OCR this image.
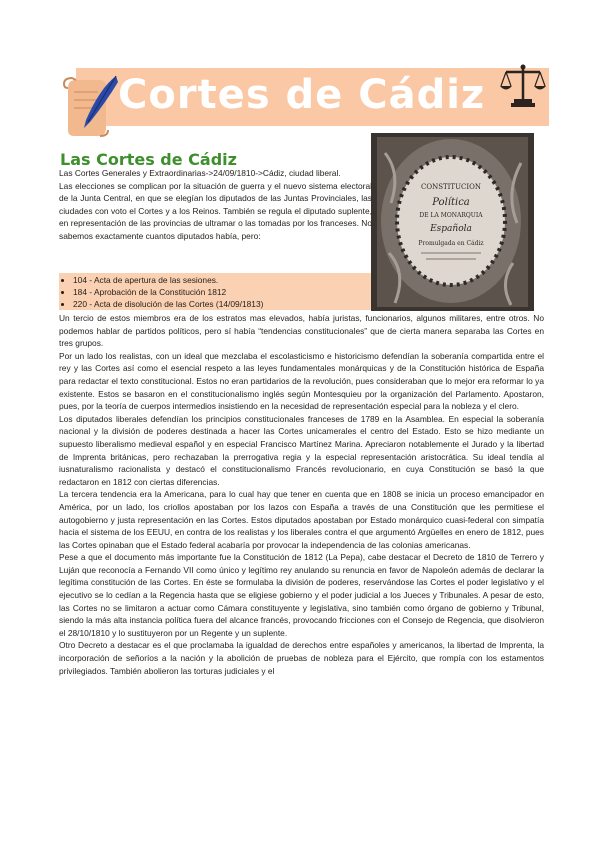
Cortes de Cádiz
Las Cortes de Cádiz
CONSTITUCION
Política
DE LA MONARQUIA
Española
Promulgada en Cádiz

Las Cortes Generales y Extraordinarias->24/09/1810->Cádiz, ciudad liberal.

Las elecciones se complican por la situación de guerra y el nuevo sistema electoral de la Junta Central, en que se elegían los diputados de las Juntas Provinciales, las ciudades con voto el Cortes y a los Reinos. También se regula el diputado suplente, en representación de las provincias de ultramar o las tomadas por los franceses. No sabemos exactamente cuantos diputados había, pero:

• 104 - Acta de apertura de las sesiones.
• 184 - Aprobación de la Constitución 1812
• 220 - Acta de disolución de las Cortes (14/09/1813)

Un tercio de estos miembros era de los estratos mas elevados, había juristas, funcionarios, algunos militares, entre otros. No podemos hablar de partidos políticos, pero sí había “tendencias constitucionales” que de cierta manera separaba las Cortes en tres grupos.

Por un lado los realistas, con un ideal que mezclaba el escolasticismo e historicismo defendían la soberanía compartida entre el rey y las Cortes así como el esencial respeto a las leyes fundamentales monárquicas y de la Constitución histórica de España para redactar el texto constitucional. Estos no eran partidarios de la revolución, pues consideraban que lo mejor era reformar lo ya existente. Estos se basaron en el constitucionalismo inglés según Montesquieu por la organización del Parlamento. Apostaron, pues, por la teoría de cuerpos intermedios insistiendo en la necesidad de representación especial para la nobleza y el clero.

Los diputados liberales defendían los principios constitucionales franceses de 1789 en la Asamblea. En especial la soberanía nacional y la división de poderes destinada a hacer las Cortes unicamerales el centro del Estado. Esto se hizo mediante un supuesto liberalismo medieval español y en especial Francisco Martínez Marina. Apreciaron notablemente el Jurado y la libertad de Imprenta británicas, pero rechazaban la prerrogativa regia y la especial representación aristocrática. Su ideal tendía al iusnaturalismo racionalista y destacó el constitucionalismo Francés revolucionario, en cuya Constitución se basó la que redactaron en 1812 con ciertas diferencias.

La tercera tendencia era la Americana, para lo cual hay que tener en cuenta que en 1808 se inicia un proceso emancipador en América, por un lado, los criollos apostaban por los lazos con España a través de una Constitución que les permitiese el autogobierno y justa representación en las Cortes. Estos diputados apostaban por Estado monárquico cuasi-federal con simpatía hacia el sistema de los EEUU, en contra de los realistas y los liberales contra el que argumentó Argüelles en enero de 1812, pues las Cortes opinaban que el Estado federal acabaría por provocar la independencia de las colonias americanas.

Pese a que el documento más importante fue la Constitución de 1812 (La Pepa), cabe destacar el Decreto de 1810 de Terrero y Luján que reconocía a Fernando VII como único y legítimo rey anulando su renuncia en favor de Napoleón además de declarar la legítima constitución de las Cortes. En éste se formulaba la división de poderes, reservándose las Cortes el poder legislativo y el ejecutivo se lo cedían a la Regencia hasta que se eligiese gobierno y el poder judicial a los Jueces y Tribunales. A pesar de esto, las Cortes no se limitaron a actuar como Cámara constituyente y legislativa, sino también como órgano de gobierno y Tribunal, siendo la más alta instancia política fuera del alcance francés, provocando fricciones con el Consejo de Regencia, que disolvieron el 28/10/1810 y lo sustituyeron por un Regente y un suplente.

Otro Decreto a destacar es el que proclamaba la igualdad de derechos entre españoles y americanos, la libertad de Imprenta, la incorporación de señoríos a la nación y la abolición de pruebas de nobleza para el Ejército, que rompía con los estamentos privilegiados. También abolieron las torturas judiciales y el
